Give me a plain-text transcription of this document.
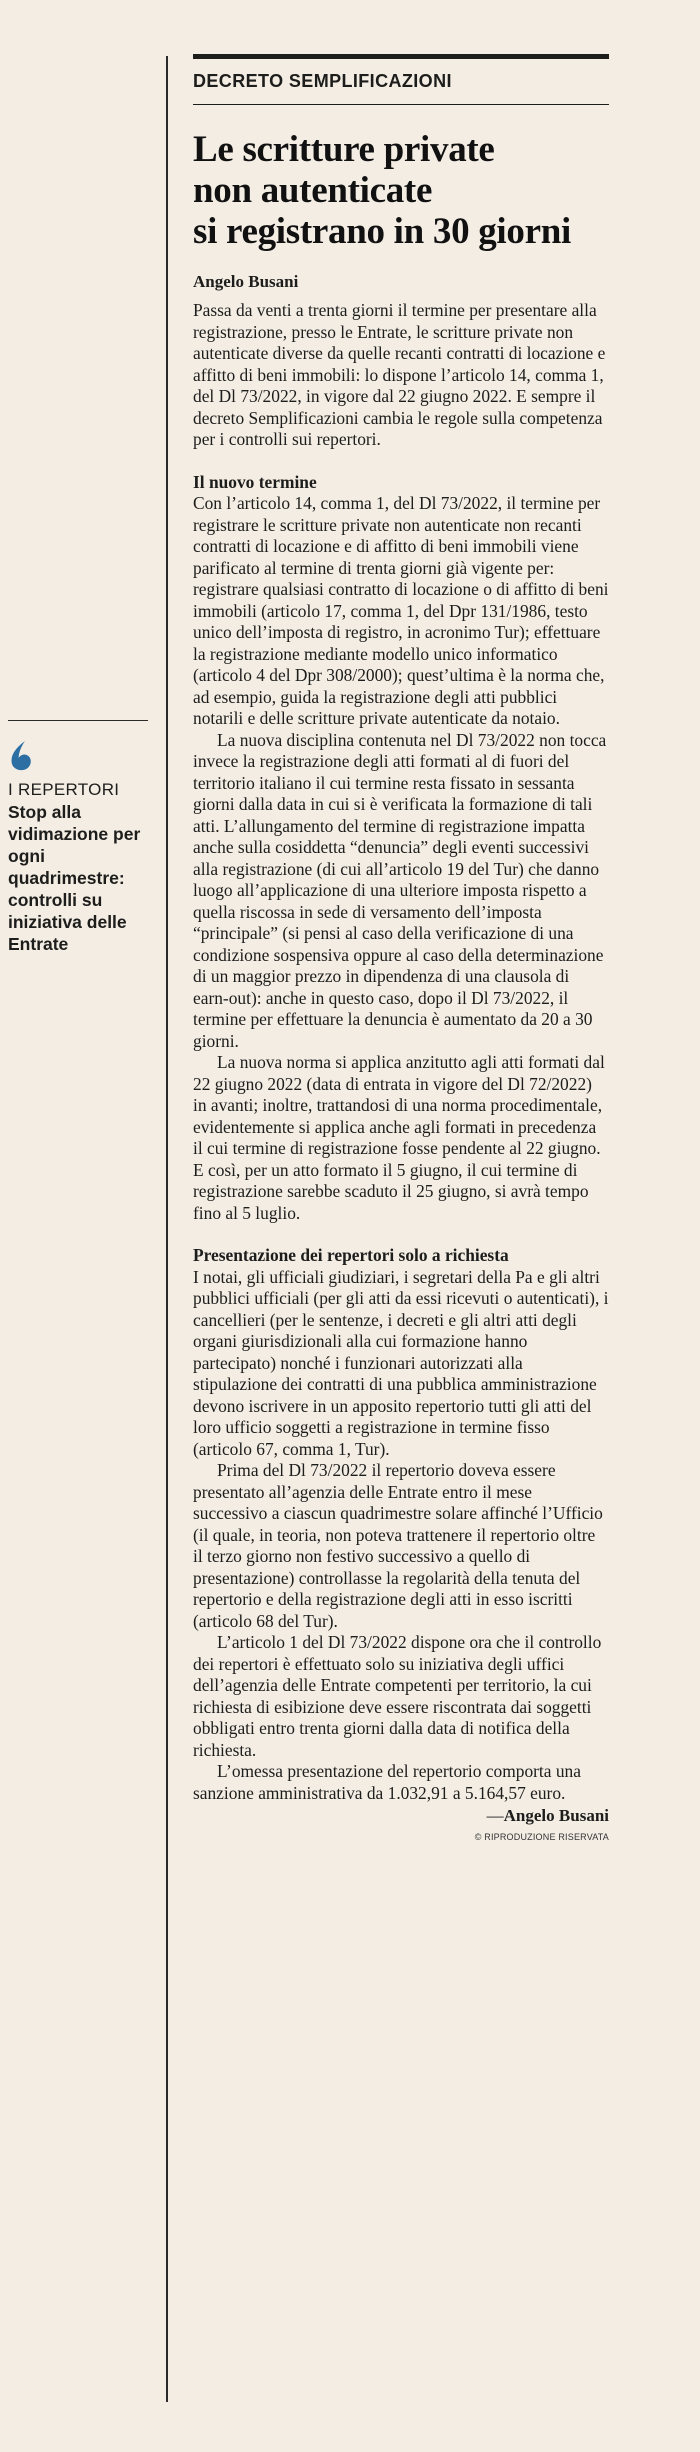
I REPERTORI
Stop alla vidimazione per ogni quadrimestre: controlli su iniziativa delle Entrate
DECRETO SEMPLIFICAZIONI
Le scritture private
non autenticate
si registrano in 30 giorni
Angelo Busani

Passa da venti a trenta giorni il termine per presentare alla registrazione, presso le Entrate, le scritture private non autenticate diverse da quelle recanti contratti di locazione e affitto di beni immobili: lo dispone l’articolo 14, comma 1, del Dl 73/2022, in vigore dal 22 giugno 2022. E sempre il decreto Semplificazioni cambia le regole sulla competenza per i controlli sui repertori.

Il nuovo termine

Con l’articolo 14, comma 1, del Dl 73/2022, il termine per registrare le scritture private non autenticate non recanti contratti di locazione e di affitto di beni immobili viene parificato al termine di trenta giorni già vigente per: registrare qualsiasi contratto di locazione o di affitto di beni immobili (articolo 17, comma 1, del Dpr 131/1986, testo unico dell’imposta di registro, in acronimo Tur); effettuare la registrazione mediante modello unico informatico (articolo 4 del Dpr 308/2000); quest’ultima è la norma che, ad esempio, guida la registrazione degli atti pubblici notarili e delle scritture private autenticate da notaio.

La nuova disciplina contenuta nel Dl 73/2022 non tocca invece la registrazione degli atti formati al di fuori del territorio italiano il cui termine resta fissato in sessanta giorni dalla data in cui si è verificata la formazione di tali atti. L’allungamento del termine di registrazione impatta anche sulla cosiddetta “denuncia” degli eventi successivi alla registrazione (di cui all’articolo 19 del Tur) che danno luogo all’applicazione di una ulteriore imposta rispetto a quella riscossa in sede di versamento dell’imposta “principale” (si pensi al caso della verificazione di una condizione sospensiva oppure al caso della determinazione di un maggior prezzo in dipendenza di una clausola di earn-out): anche in questo caso, dopo il Dl 73/2022, il termine per effettuare la denuncia è aumentato da 20 a 30 giorni.

La nuova norma si applica anzitutto agli atti formati dal 22 giugno 2022 (data di entrata in vigore del Dl 72/2022) in avanti; inoltre, trattandosi di una norma procedimentale, evidentemente si applica anche agli formati in precedenza il cui termine di registrazione fosse pendente al 22 giugno. E così, per un atto formato il 5 giugno, il cui termine di registrazione sarebbe scaduto il 25 giugno, si avrà tempo fino al 5 luglio.

Presentazione dei repertori solo a richiesta

I notai, gli ufficiali giudiziari, i segretari della Pa e gli altri pubblici ufficiali (per gli atti da essi ricevuti o autenticati), i cancellieri (per le sentenze, i decreti e gli altri atti degli organi giurisdizionali alla cui formazione hanno partecipato) nonché i funzionari autorizzati alla stipulazione dei contratti di una pubblica amministrazione devono iscrivere in un apposito repertorio tutti gli atti del loro ufficio soggetti a registrazione in termine fisso (articolo 67, comma 1, Tur).

Prima del Dl 73/2022 il repertorio doveva essere presentato all’agenzia delle Entrate entro il mese successivo a ciascun quadrimestre solare affinché l’Ufficio (il quale, in teoria, non poteva trattenere il repertorio oltre il terzo giorno non festivo successivo a quello di presentazione) controllasse la regolarità della tenuta del repertorio e della registrazione degli atti in esso iscritti (articolo 68 del Tur).

L’articolo 1 del Dl 73/2022 dispone ora che il controllo dei repertori è effettuato solo su iniziativa degli uffici dell’agenzia delle Entrate competenti per territorio, la cui richiesta di esibizione deve essere riscontrata dai soggetti obbligati entro trenta giorni dalla data di notifica della richiesta.

L’omessa presentazione del repertorio comporta una sanzione amministrativa da 1.032,91 a 5.164,57 euro.

—Angelo Busani
© RIPRODUZIONE RISERVATA
